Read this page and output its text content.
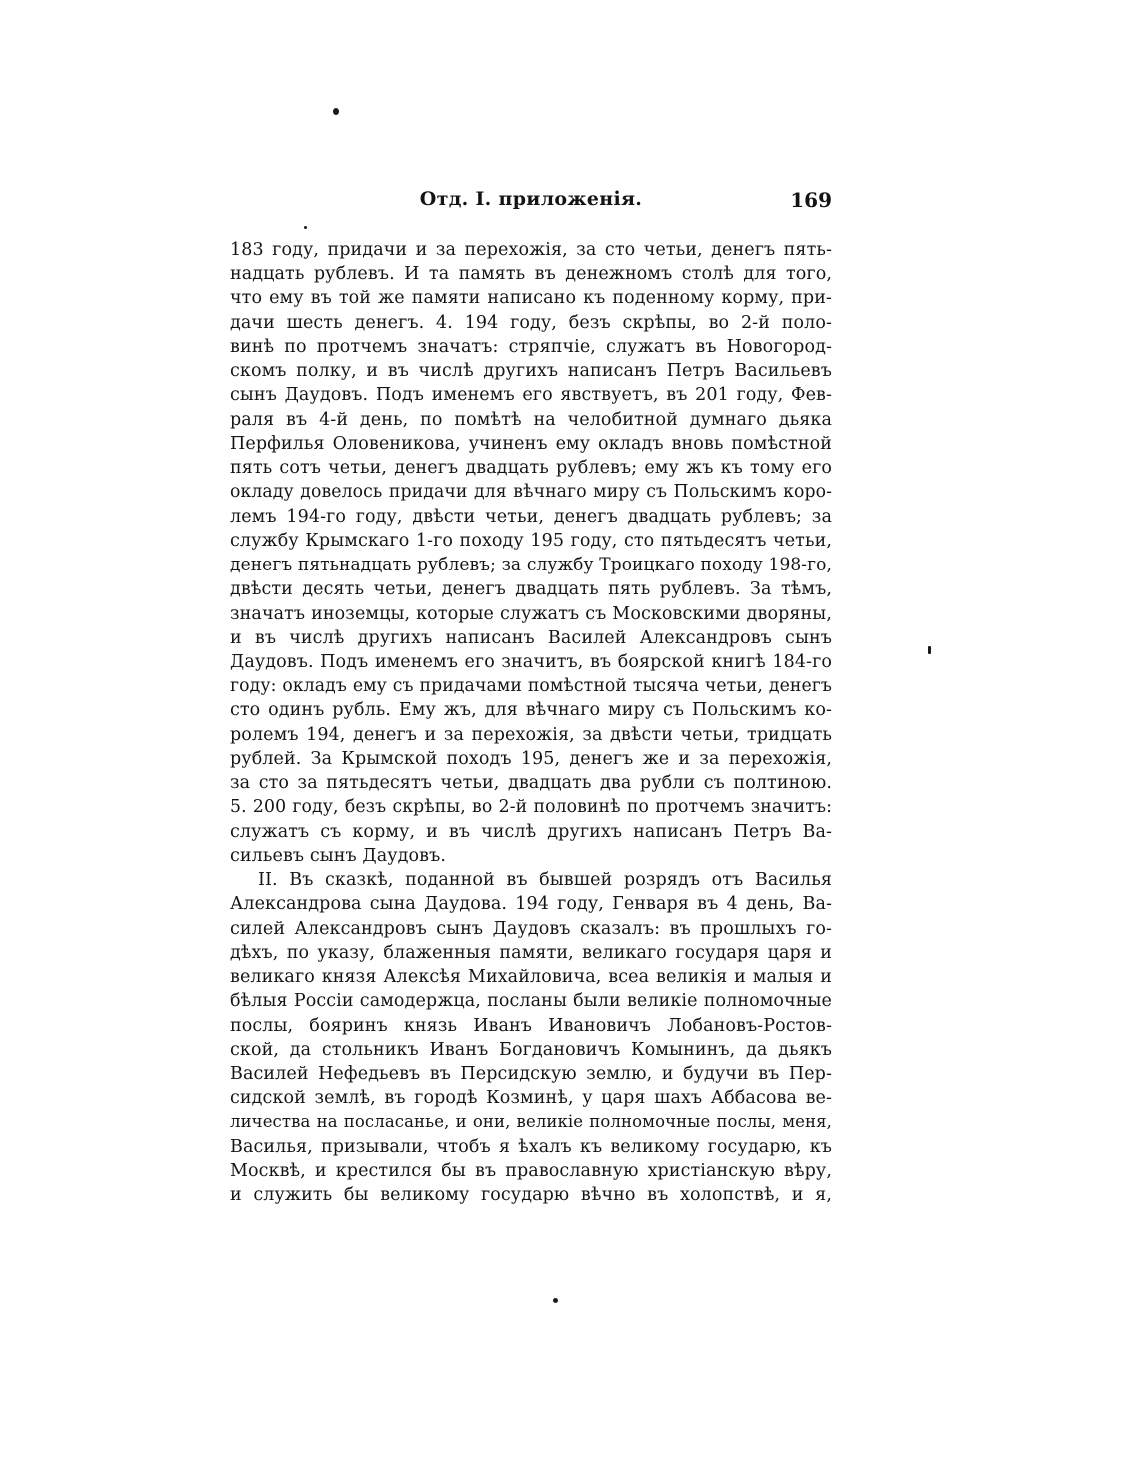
Отд. I. приложенія.	169
183 году, придачи и за перехожія, за сто четьи, денегъ пять-
надцать рублевъ. И та память въ денежномъ столѣ для того,
что ему въ той же памяти написано къ поденному корму, при-
дачи шесть денегъ. 4. 194 году, безъ скрѣпы, во 2-й поло-
винѣ по протчемъ значатъ: стряпчіе, служатъ въ Новогород-
скомъ полку, и въ числѣ другихъ написанъ Петръ Васильевъ
сынъ Даудовъ. Подъ именемъ его явствуетъ, въ 201 году, Фев-
раля въ 4-й день, по помѣтѣ на челобитной думнаго дьяка
Перфилья Оловеникова, учиненъ ему окладъ вновь помѣстной
пять сотъ четьи, денегъ двадцать рублевъ; ему жъ къ тому его
окладу довелось придачи для вѣчнаго миру съ Польскимъ коро-
лемъ 194-го году, двѣсти четьи, денегъ двадцать рублевъ; за
службу Крымскаго 1-го походу 195 году, сто пятьдесятъ четьи,
денегъ пятьнадцать рублевъ; за службу Троицкаго походу 198-го,
двѣсти десять четьи, денегъ двадцать пять рублевъ. За тѣмъ,
значатъ иноземцы, которые служатъ съ Московскими дворяны,
и въ числѣ другихъ написанъ Василей Александровъ сынъ
Даудовъ. Подъ именемъ его значитъ, въ боярской книгѣ 184-го
году: окладъ ему съ придачами помѣстной тысяча четьи, денегъ
сто одинъ рубль. Ему жъ, для вѣчнаго миру съ Польскимъ ко-
ролемъ 194, денегъ и за перехожія, за двѣсти четьи, тридцать
рублей. За Крымской походъ 195, денегъ же и за перехожія,
за сто за пятьдесятъ четьи, двадцать два рубли съ полтиною.
5. 200 году, безъ скрѣпы, во 2-й половинѣ по протчемъ значитъ:
служатъ съ корму, и въ числѣ другихъ написанъ Петръ Ва-
сильевъ сынъ Даудовъ.
II. Въ сказкѣ, поданной въ бывшей розрядъ отъ Василья
Александрова сына Даудова. 194 году, Генваря въ 4 день, Ва-
силей Александровъ сынъ Даудовъ сказалъ: въ прошлыхъ го-
дѣхъ, по указу, блаженныя памяти, великаго государя царя и
великаго князя Алексѣя Михайловича, всеа великія и малыя и
бѣлыя Россіи самодержца, посланы были великіе полномочные
послы, бояринъ князь Иванъ Ивановичъ Лобановъ-Ростов-
ской, да стольникъ Иванъ Богдановичъ Комынинъ, да дьякъ
Василей Нефедьевъ въ Персидскую землю, и будучи въ Пер-
сидской землѣ, въ городѣ Козминѣ, у царя шахъ Аббасова ве-
личества на посласанье, и они, великіе полномочные послы, меня,
Василья, призывали, чтобъ я ѣхалъ къ великому государю, къ
Москвѣ, и крестился бы въ православную христіанскую вѣру,
и служить бы великому государю вѣчно въ холопствѣ, и я,
